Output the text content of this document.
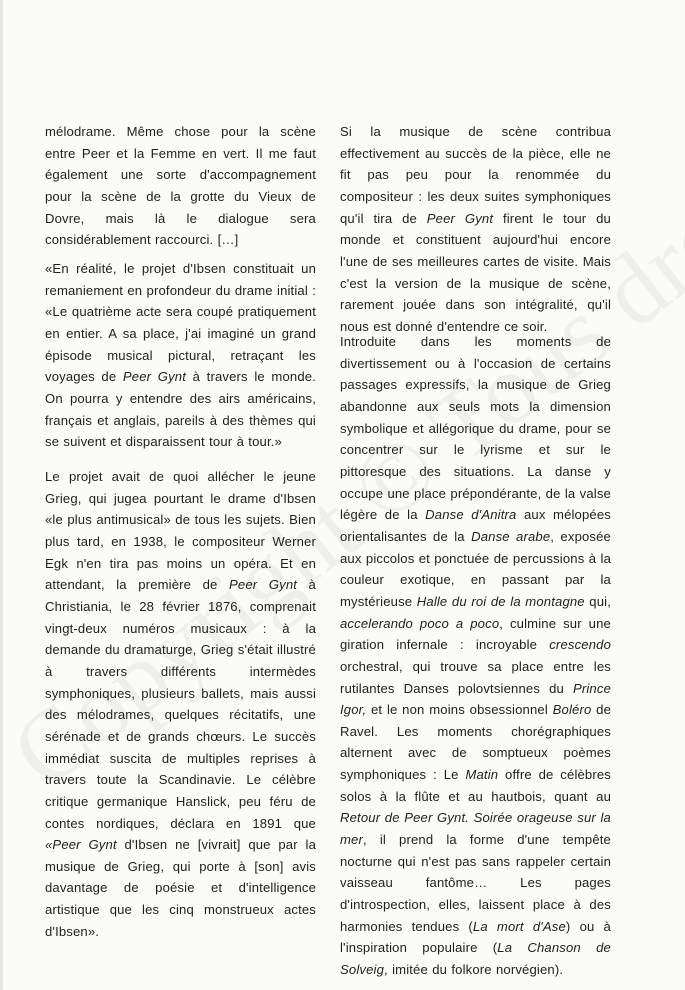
mélodrame. Même chose pour la scène entre Peer et la Femme en vert. Il me faut également une sorte d'accompagnement pour la scène de la grotte du Vieux de Dovre, mais là le dialogue sera considérablement raccourci. […]

«En réalité, le projet d'Ibsen constituait un remaniement en profondeur du drame initial : «Le quatrième acte sera coupé pratiquement en entier. A sa place, j'ai imaginé un grand épisode musical pictural, retraçant les voyages de Peer Gynt à travers le monde. On pourra y entendre des airs américains, français et anglais, pareils à des thèmes qui se suivent et disparaissent tour à tour.»

Le projet avait de quoi allécher le jeune Grieg, qui jugea pourtant le drame d'Ibsen «le plus antimusical» de tous les sujets. Bien plus tard, en 1938, le compositeur Werner Egk n'en tira pas moins un opéra. Et en attendant, la première de Peer Gynt à Christiania, le 28 février 1876, comprenait vingt-deux numéros musicaux : à la demande du dramaturge, Grieg s'était illustré à travers différents intermèdes symphoniques, plusieurs ballets, mais aussi des mélodrames, quelques récitatifs, une sérénade et de grands chœurs. Le succès immédiat suscita de multiples reprises à travers toute la Scandinavie. Le célèbre critique germanique Hanslick, peu féru de contes nordiques, déclara en 1891 que «Peer Gynt d'Ibsen ne [vivrait] que par la musique de Grieg, qui porte à [son] avis davantage de poésie et d'intelligence artistique que les cinq monstrueux actes d'Ibsen».

Si la musique de scène contribua effectivement au succès de la pièce, elle ne fit pas peu pour la renommée du compositeur : les deux suites symphoniques qu'il tira de Peer Gynt firent le tour du monde et constituent aujourd'hui encore l'une de ses meilleures cartes de visite. Mais c'est la version de la musique de scène, rarement jouée dans son intégralité, qu'il nous est donné d'entendre ce soir.

Introduite dans les moments de divertissement ou à l'occasion de certains passages expressifs, la musique de Grieg abandonne aux seuls mots la dimension symbolique et allégorique du drame, pour se concentrer sur le lyrisme et sur le pittoresque des situations. La danse y occupe une place prépondérante, de la valse légère de la Danse d'Anitra aux mélopées orientalisantes de la Danse arabe, exposée aux piccolos et ponctuée de percussions à la couleur exotique, en passant par la mystérieuse Halle du roi de la montagne qui, accelerando poco a poco, culmine sur une giration infernale : incroyable crescendo orchestral, qui trouve sa place entre les rutilantes Danses polovtsiennes du Prince Igor, et le non moins obsessionnel Boléro de Ravel. Les moments chorégraphiques alternent avec de somptueux poèmes symphoniques : Le Matin offre de célèbres solos à la flûte et au hautbois, quant au Retour de Peer Gynt. Soirée orageuse sur la mer, il prend la forme d'une tempête nocturne qui n'est pas sans rappeler certain vaisseau fantôme… Les pages d'introspection, elles, laissent place à des harmonies tendues (La mort d'Ase) ou à l'inspiration populaire (La Chanson de Solveig, imitée du folkore norvégien).
